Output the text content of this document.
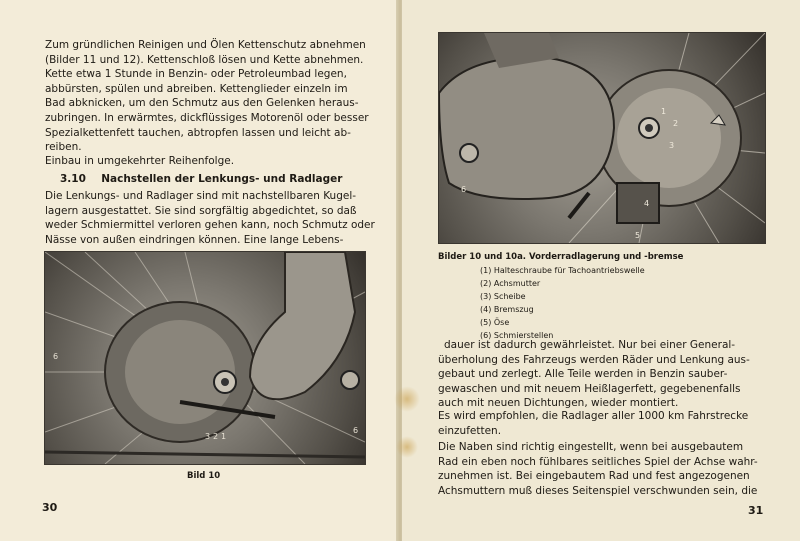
Zum gründlichen Reinigen und Ölen Kettenschutz abnehmen
(Bilder 11 und 12). Kettenschloß lösen und Kette abnehmen.
Kette etwa 1 Stunde in Benzin- oder Petroleumbad legen,
abbürsten, spülen und abreiben. Kettenglieder einzeln im
Bad abknicken, um den Schmutz aus den Gelenken heraus-
zubringen. In erwärmtes, dickflüssiges Motorenöl oder besser
Spezialkettenfett tauchen, abtropfen lassen und leicht ab-
reiben.

Einbau in umgekehrter Reihenfolge.

3.10 Nachstellen der Lenkungs- und Radlager

Die Lenkungs- und Radlager sind mit nachstellbaren Kugel-
lagern ausgestattet. Sie sind sorgfältig abgedichtet, so daß
weder Schmiermittel verloren gehen kann, noch Schmutz oder
Nässe von außen eindringen können. Eine lange Lebens-

6
6
3 2 1
Bild 10
30
1
2
3
4
5
6
Bilder 10 und 10a. Vorderradlagerung und -bremse
(1) Halteschraube für Tachoantriebswelle
(2) Achsmutter
(3) Scheibe
(4) Bremszug
(5) Öse
(6) Schmierstellen

dauer ist dadurch gewährleistet. Nur bei einer General-
überholung des Fahrzeugs werden Räder und Lenkung aus-
gebaut und zerlegt. Alle Teile werden in Benzin sauber-
gewaschen und mit neuem Heißlagerfett, gegebenenfalls
auch mit neuen Dichtungen, wieder montiert.

Es wird empfohlen, die Radlager aller 1000 km Fahrstrecke
einzufetten.

Die Naben sind richtig eingestellt, wenn bei ausgebautem
Rad ein eben noch fühlbares seitliches Spiel der Achse wahr-
zunehmen ist. Bei eingebautem Rad und fest angezogenen
Achsmuttern muß dieses Seitenspiel verschwunden sein, die

31
